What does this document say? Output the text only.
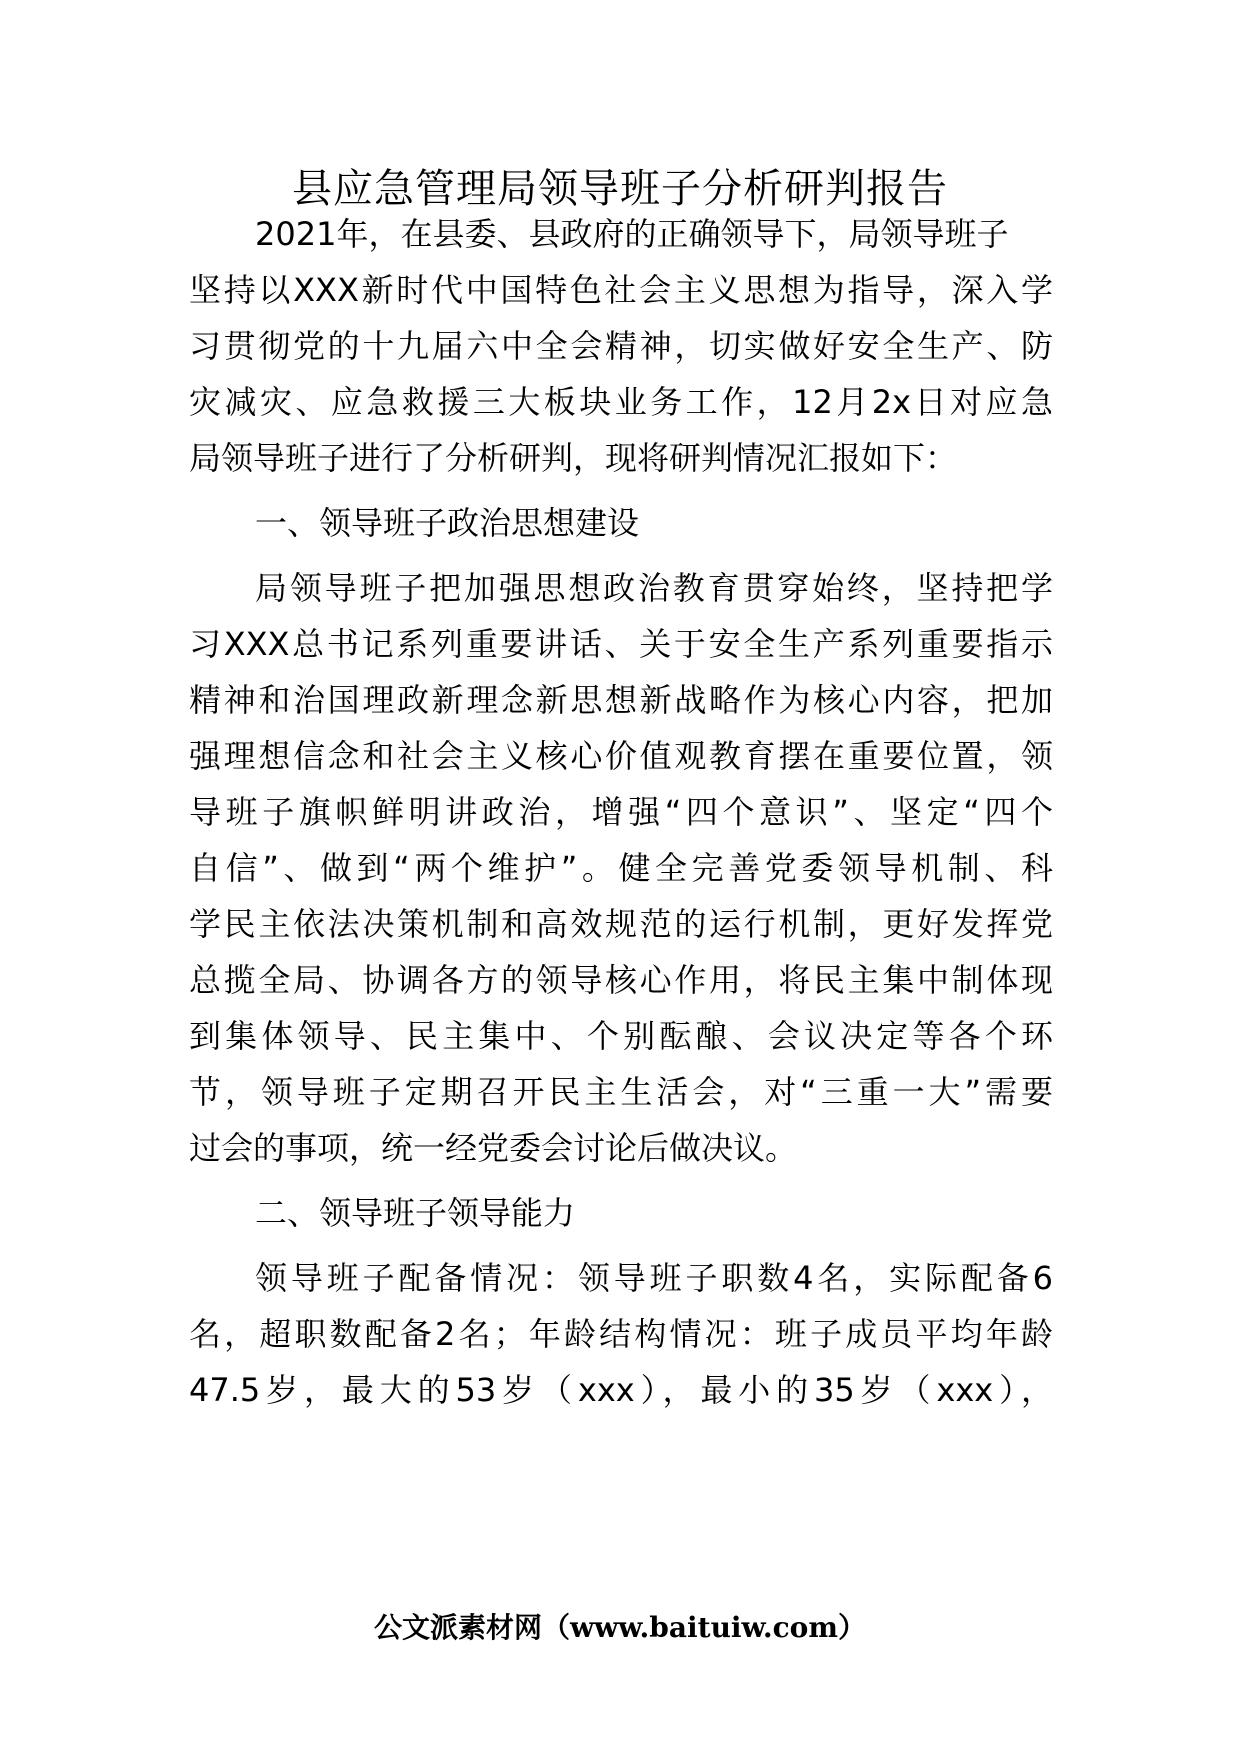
县应急管理局领导班子分析研判报告
2021年，在县委、县政府的正确领导下，局领导班子
坚持以XXX新时代中国特色社会主义思想为指导，深入学
习贯彻党的十九届六中全会精神，切实做好安全生产、防
灾减灾、应急救援三大板块业务工作，12月2x日对应急
局领导班子进行了分析研判，现将研判情况汇报如下：
一、领导班子政治思想建设
局领导班子把加强思想政治教育贯穿始终，坚持把学
习XXX总书记系列重要讲话、关于安全生产系列重要指示
精神和治国理政新理念新思想新战略作为核心内容，把加
强理想信念和社会主义核心价值观教育摆在重要位置，领
导班子旗帜鲜明讲政治，增强“四个意识”、坚定“四个
自信”、做到“两个维护”。健全完善党委领导机制、科
学民主依法决策机制和高效规范的运行机制，更好发挥党
总揽全局、协调各方的领导核心作用，将民主集中制体现
到集体领导、民主集中、个别酝酿、会议决定等各个环
节，领导班子定期召开民主生活会，对“三重一大”需要
过会的事项，统一经党委会讨论后做决议。
二、领导班子领导能力
领导班子配备情况：领导班子职数4名，实际配备6
名，超职数配备2名；年龄结构情况：班子成员平均年龄
47.5岁，最大的53岁（xxx），最小的35岁（xxx），
公文派素材网（www.baituiw.com）
